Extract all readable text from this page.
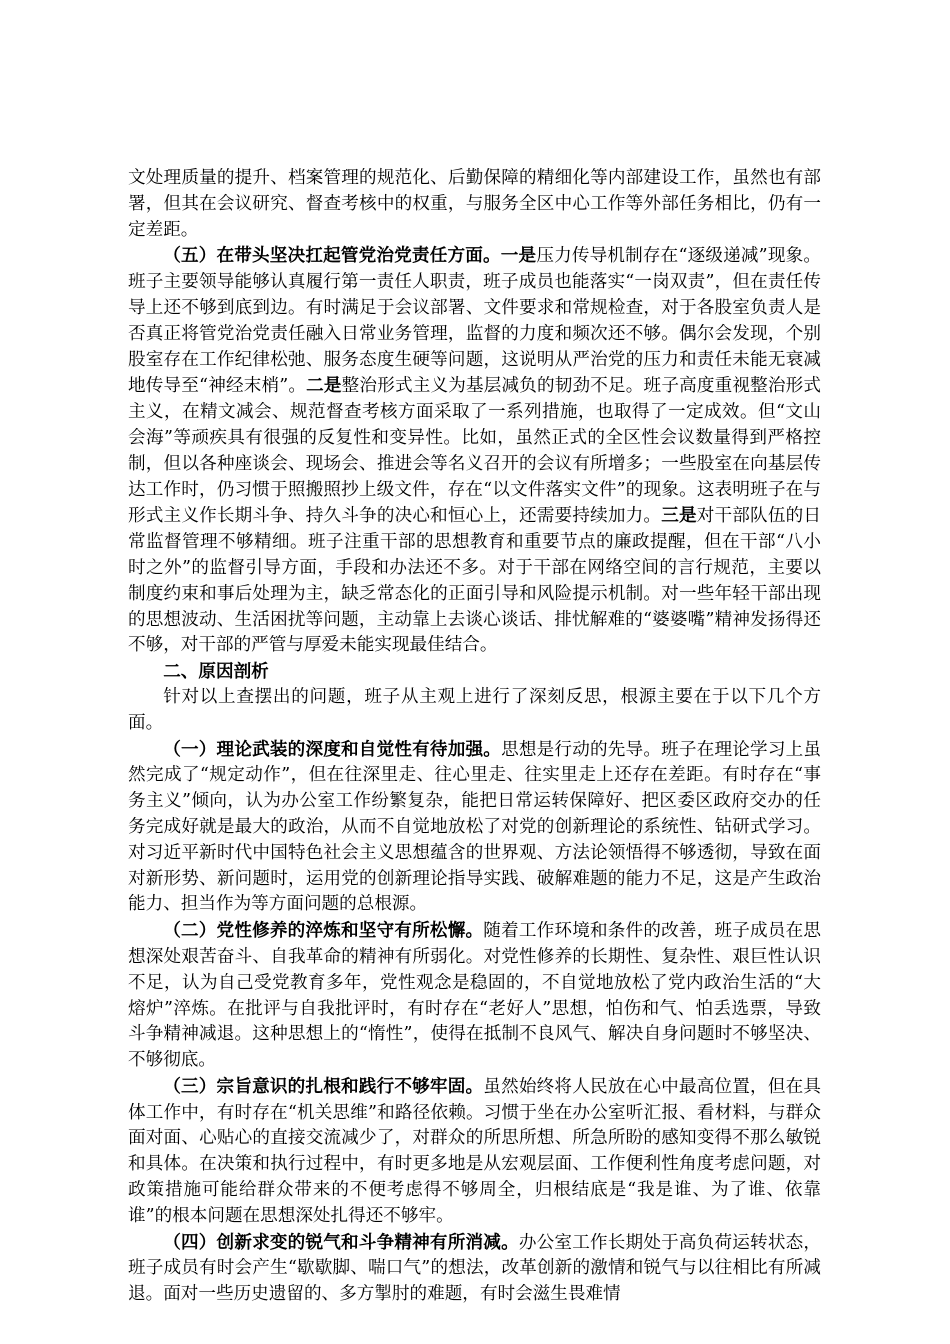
文处理质量的提升、档案管理的规范化、后勤保障的精细化等内部建设工作，虽然也有部署，但其在会议研究、督查考核中的权重，与服务全区中心工作等外部任务相比，仍有一定差距。

（五）在带头坚决扛起管党治党责任方面。一是压力传导机制存在“逐级递减”现象。班子主要领导能够认真履行第一责任人职责，班子成员也能落实“一岗双责”，但在责任传导上还不够到底到边。有时满足于会议部署、文件要求和常规检查，对于各股室负责人是否真正将管党治党责任融入日常业务管理，监督的力度和频次还不够。偶尔会发现，个别股室存在工作纪律松弛、服务态度生硬等问题，这说明从严治党的压力和责任未能无衰减地传导至“神经末梢”。二是整治形式主义为基层减负的韧劲不足。班子高度重视整治形式主义，在精文减会、规范督查考核方面采取了一系列措施，也取得了一定成效。但“文山会海”等顽疾具有很强的反复性和变异性。比如，虽然正式的全区性会议数量得到严格控制，但以各种座谈会、现场会、推进会等名义召开的会议有所增多；一些股室在向基层传达工作时，仍习惯于照搬照抄上级文件，存在“以文件落实文件”的现象。这表明班子在与形式主义作长期斗争、持久斗争的决心和恒心上，还需要持续加力。三是对干部队伍的日常监督管理不够精细。班子注重干部的思想教育和重要节点的廉政提醒，但在干部“八小时之外”的监督引导方面，手段和办法还不多。对于干部在网络空间的言行规范，主要以制度约束和事后处理为主，缺乏常态化的正面引导和风险提示机制。对一些年轻干部出现的思想波动、生活困扰等问题，主动靠上去谈心谈话、排忧解难的“婆婆嘴”精神发扬得还不够，对干部的严管与厚爱未能实现最佳结合。

二、原因剖析

针对以上查摆出的问题，班子从主观上进行了深刻反思，根源主要在于以下几个方面。

（一）理论武装的深度和自觉性有待加强。思想是行动的先导。班子在理论学习上虽然完成了“规定动作”，但在往深里走、往心里走、往实里走上还存在差距。有时存在“事务主义”倾向，认为办公室工作纷繁复杂，能把日常运转保障好、把区委区政府交办的任务完成好就是最大的政治，从而不自觉地放松了对党的创新理论的系统性、钻研式学习。对习近平新时代中国特色社会主义思想蕴含的世界观、方法论领悟得不够透彻，导致在面对新形势、新问题时，运用党的创新理论指导实践、破解难题的能力不足，这是产生政治能力、担当作为等方面问题的总根源。

（二）党性修养的淬炼和坚守有所松懈。随着工作环境和条件的改善，班子成员在思想深处艰苦奋斗、自我革命的精神有所弱化。对党性修养的长期性、复杂性、艰巨性认识不足，认为自己受党教育多年，党性观念是稳固的，不自觉地放松了党内政治生活的“大熔炉”淬炼。在批评与自我批评时，有时存在“老好人”思想，怕伤和气、怕丢选票，导致斗争精神减退。这种思想上的“惰性”，使得在抵制不良风气、解决自身问题时不够坚决、不够彻底。

（三）宗旨意识的扎根和践行不够牢固。虽然始终将人民放在心中最高位置，但在具体工作中，有时存在“机关思维”和路径依赖。习惯于坐在办公室听汇报、看材料，与群众面对面、心贴心的直接交流减少了，对群众的所思所想、所急所盼的感知变得不那么敏锐和具体。在决策和执行过程中，有时更多地是从宏观层面、工作便利性角度考虑问题，对政策措施可能给群众带来的不便考虑得不够周全，归根结底是“我是谁、为了谁、依靠谁”的根本问题在思想深处扎得还不够牢。

（四）创新求变的锐气和斗争精神有所消减。办公室工作长期处于高负荷运转状态，班子成员有时会产生“歇歇脚、喘口气”的想法，改革创新的激情和锐气与以往相比有所减退。面对一些历史遗留的、多方掣肘的难题，有时会滋生畏难情
